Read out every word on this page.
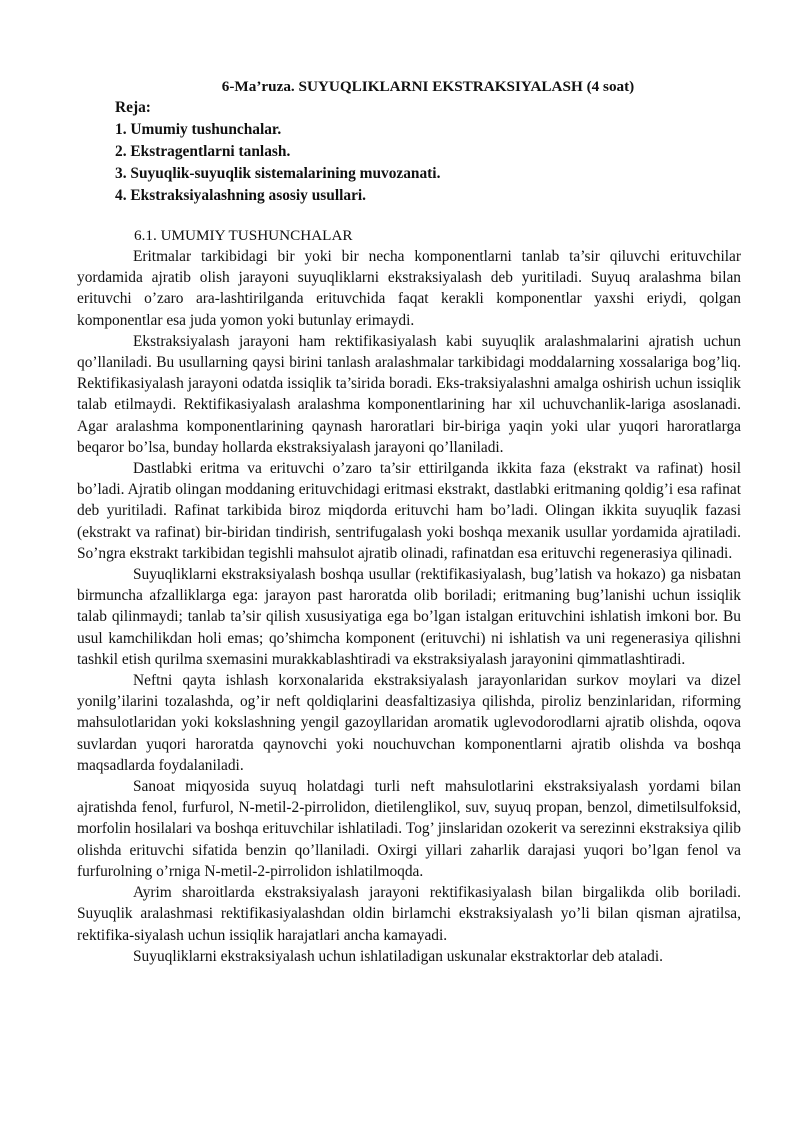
6-Ma’ruza. SUYUQLIKLARNI EKSTRAKSIYALASH (4 soat)
Reja:
1. Umumiy tushunchalar.
2. Ekstragentlarni tanlash.
3. Suyuqlik-suyuqlik sistemalarining muvozanati.
4. Ekstraksiyalashning asosiy usullari.
6.1. UMUMIY TUSHUNCHALAR

Eritmalar tarkibidagi bir yoki bir necha komponentlarni tanlab ta’sir qiluvchi erituvchilar yordamida ajratib olish jarayoni suyuqliklarni ekstraksiyalash deb yuritiladi. Suyuq aralashma bilan erituvchi o’zaro ara-lashtirilganda erituvchida faqat kerakli komponentlar yaxshi eriydi, qolgan komponentlar esa juda yomon yoki butunlay erimaydi.

Ekstraksiyalash jarayoni ham rektifikasiyalash kabi suyuqlik aralashmalarini ajratish uchun qo’llaniladi. Bu usullarning qaysi birini tanlash aralashmalar tarkibidagi moddalarning xossalariga bog’liq. Rektifikasiyalash jarayoni odatda issiqlik ta’sirida boradi. Eks-traksiyalashni amalga oshirish uchun issiqlik talab etilmaydi. Rektifikasiyalash aralashma komponentlarining har xil uchuvchanlik-lariga asoslanadi. Agar aralashma komponentlarining qaynash haroratlari bir-biriga yaqin yoki ular yuqori haroratlarga beqaror bo’lsa, bunday hollarda ekstraksiyalash jarayoni qo’llaniladi.

Dastlabki eritma va erituvchi o’zaro ta’sir ettirilganda ikkita faza (ekstrakt va rafinat) hosil bo’ladi. Ajratib olingan moddaning erituvchidagi eritmasi ekstrakt, dastlabki eritmaning qoldig’i esa rafinat deb yuritiladi. Rafinat tarkibida biroz miqdorda erituvchi ham bo’ladi. Olingan ikkita suyuqlik fazasi (ekstrakt va rafinat) bir-biridan tindirish, sentrifugalash yoki boshqa mexanik usullar yordamida ajratiladi. So’ngra ekstrakt tarkibidan tegishli mahsulot ajratib olinadi, rafinatdan esa erituvchi regenerasiya qilinadi.

Suyuqliklarni ekstraksiyalash boshqa usullar (rektifikasiyalash, bug’latish va hokazo) ga nisbatan birmuncha afzalliklarga ega: jarayon past haroratda olib boriladi; eritmaning bug’lanishi uchun issiqlik talab qilinmaydi; tanlab ta’sir qilish xususiyatiga ega bo’lgan istalgan erituvchini ishlatish imkoni bor. Bu usul kamchilikdan holi emas; qo’shimcha komponent (erituvchi) ni ishlatish va uni regenerasiya qilishni tashkil etish qurilma sxemasini murakkablashtiradi va ekstraksiyalash jarayonini qimmatlashtiradi.

Neftni qayta ishlash korxonalarida ekstraksiyalash jarayonlaridan surkov moylari va dizel yonilg’ilarini tozalashda, og’ir neft qoldiqlarini deasfaltizasiya qilishda, piroliz benzinlaridan, riforming mahsulotlaridan yoki kokslashning yengil gazoyllaridan aromatik uglevodorodlarni ajratib olishda, oqova suvlardan yuqori haroratda qaynovchi yoki nouchuvchan komponentlarni ajratib olishda va boshqa maqsadlarda foydalaniladi.

Sanoat miqyosida suyuq holatdagi turli neft mahsulotlarini ekstraksiyalash yordami bilan ajratishda fenol, furfurol, N-metil-2-pirrolidon, dietilenglikol, suv, suyuq propan, benzol, dimetilsulfoksid, morfolin hosilalari va boshqa erituvchilar ishlatiladi. Tog’ jinslaridan ozokerit va serezinni ekstraksiya qilib olishda erituvchi sifatida benzin qo’llaniladi. Oxirgi yillari zaharlik darajasi yuqori bo’lgan fenol va furfurolning o’rniga N-metil-2-pirrolidon ishlatilmoqda.

Ayrim sharoitlarda ekstraksiyalash jarayoni rektifikasiyalash bilan birgalikda olib boriladi. Suyuqlik aralashmasi rektifikasiyalashdan oldin birlamchi ekstraksiyalash yo’li bilan qisman ajratilsa, rektifika-siyalash uchun issiqlik harajatlari ancha kamayadi.

Suyuqliklarni ekstraksiyalash uchun ishlatiladigan uskunalar ekstraktorlar deb ataladi.
